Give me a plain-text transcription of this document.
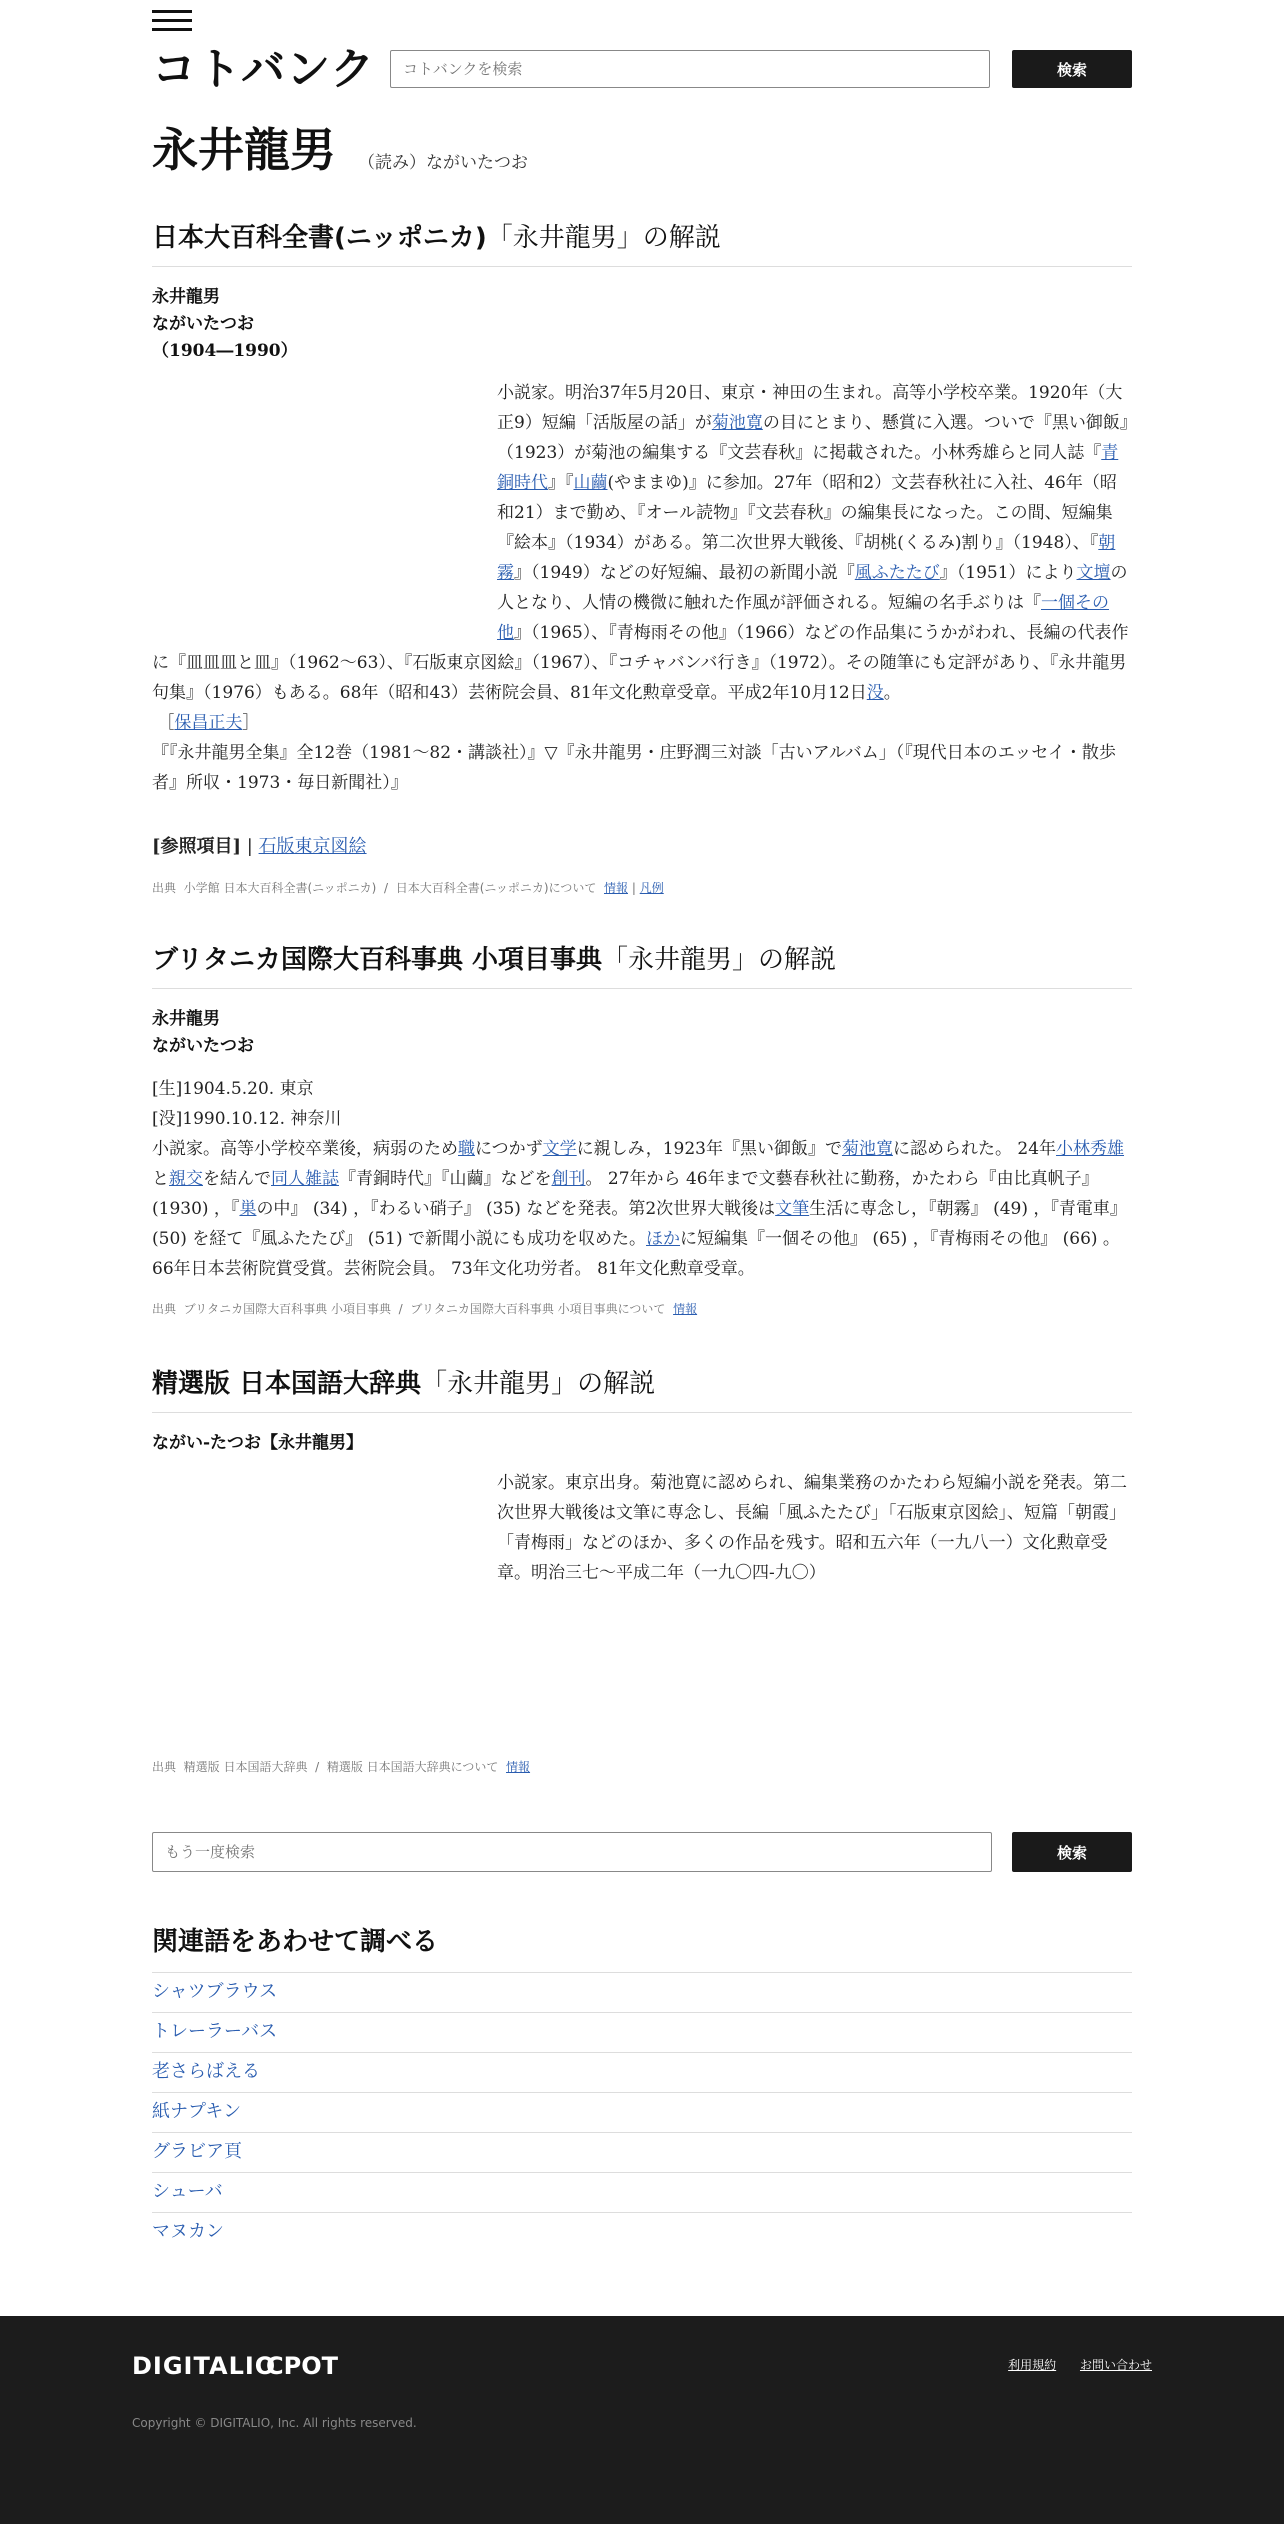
コトバンク
コトバンクを検索	検索
永井龍男 （読み）ながいたつお
日本大百科全書(ニッポニカ)「永井龍男」の解説
永井龍男
ながいたつお
（1904―1990）
小説家。明治37年5月20日、東京・神田の生まれ。高等小学校卒業。1920年（大正9）短編「活版屋の話」が菊池寛の目にとまり、懸賞に入選。ついで『黒い御飯』（1923）が菊池の編集する『文芸春秋』に掲載された。小林秀雄らと同人誌『青銅時代』『山繭(やままゆ)』に参加。27年（昭和2）文芸春秋社に入社、46年（昭和21）まで勤め、『オール読物』『文芸春秋』の編集長になった。この間、短編集『絵本』（1934）がある。第二次世界大戦後、『胡桃(くるみ)割り』（1948）、『朝霧』（1949）などの好短編、最初の新聞小説『風ふたたび』（1951）により文壇の人となり、人情の機微に触れた作風が評価される。短編の名手ぶりは『一個その他』（1965）、『青梅雨その他』（1966）などの作品集にうかがわれ、長編の代表作に『皿皿皿と皿』（1962～63）、『石版東京図絵』（1967）、『コチャバンバ行き』（1972）。その随筆にも定評があり、『永井龍男句集』（1976）もある。68年（昭和43）芸術院会員、81年文化勲章受章。平成2年10月12日没。
［保昌正夫］
『『永井龍男全集』全12巻（1981～82・講談社）』▽『永井龍男・庄野潤三対談「古いアルバム」（『現代日本のエッセイ・散歩者』所収・1973・毎日新聞社）』
[参照項目] | 石版東京図絵
出典 小学館 日本大百科全書(ニッポニカ) / 日本大百科全書(ニッポニカ)について 情報 | 凡例
ブリタニカ国際大百科事典 小項目事典「永井龍男」の解説
永井龍男
ながいたつお
[生]1904.5.20. 東京
[没]1990.10.12. 神奈川
小説家。高等小学校卒業後，病弱のため職につかず文学に親しみ，1923年『黒い御飯』で菊池寛に認められた。 24年小林秀雄と親交を結んで同人雑誌『青銅時代』『山繭』などを創刊。 27年から 46年まで文藝春秋社に勤務，かたわら『由比真帆子』 (1930) ，『巣の中』 (34) ，『わるい硝子』 (35) などを発表。第2次世界大戦後は文筆生活に専念し，『朝霧』 (49) ，『青電車』 (50) を経て『風ふたたび』 (51) で新聞小説にも成功を収めた。ほかに短編集『一個その他』 (65) ，『青梅雨その他』 (66) 。 66年日本芸術院賞受賞。芸術院会員。 73年文化功労者。 81年文化勲章受章。
出典 ブリタニカ国際大百科事典 小項目事典 / ブリタニカ国際大百科事典 小項目事典について 情報
精選版 日本国語大辞典「永井龍男」の解説
ながい‐たつお【永井龍男】
小説家。東京出身。菊池寛に認められ、編集業務のかたわら短編小説を発表。第二次世界大戦後は文筆に専念し、長編「風ふたたび」「石版東京図絵」、短篇「朝霞」「青梅雨」などのほか、多くの作品を残す。昭和五六年（一九八一）文化勲章受章。明治三七～平成二年（一九〇四‐九〇）
出典 精選版 日本国語大辞典 / 精選版 日本国語大辞典について 情報
もう一度検索
検索
関連語をあわせて調べる
シャツブラウス
トレーラーバス
老さらばえる
紙ナプキン
グラビア頁
シューバ
マヌカン
DIGITALIO
CPOT	利用規約 お問い合わせ
Copyright © DIGITALIO, Inc. All rights reserved.
